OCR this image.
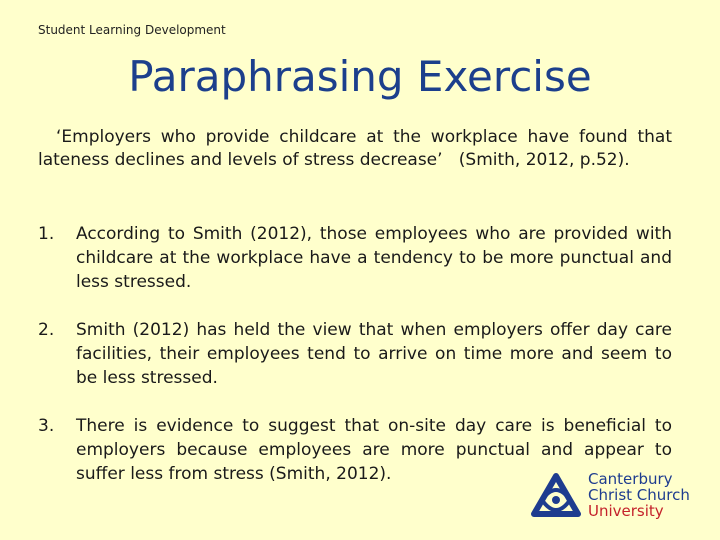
Student Learning Development
Paraphrasing Exercise
‘Employers who provide childcare at the workplace have found that lateness declines and levels of stress decrease’ (Smith, 2012, p.52).
1. According to Smith (2012), those employees who are provided with childcare at the workplace have a tendency to be more punctual and less stressed.
2. Smith (2012) has held the view that when employers offer day care facilities, their employees tend to arrive on time more and seem to be less stressed.
3. There is evidence to suggest that on-site day care is beneficial to employers because employees are more punctual and appear to suffer less from stress (Smith, 2012).	Canterbury
Christ Church
University
